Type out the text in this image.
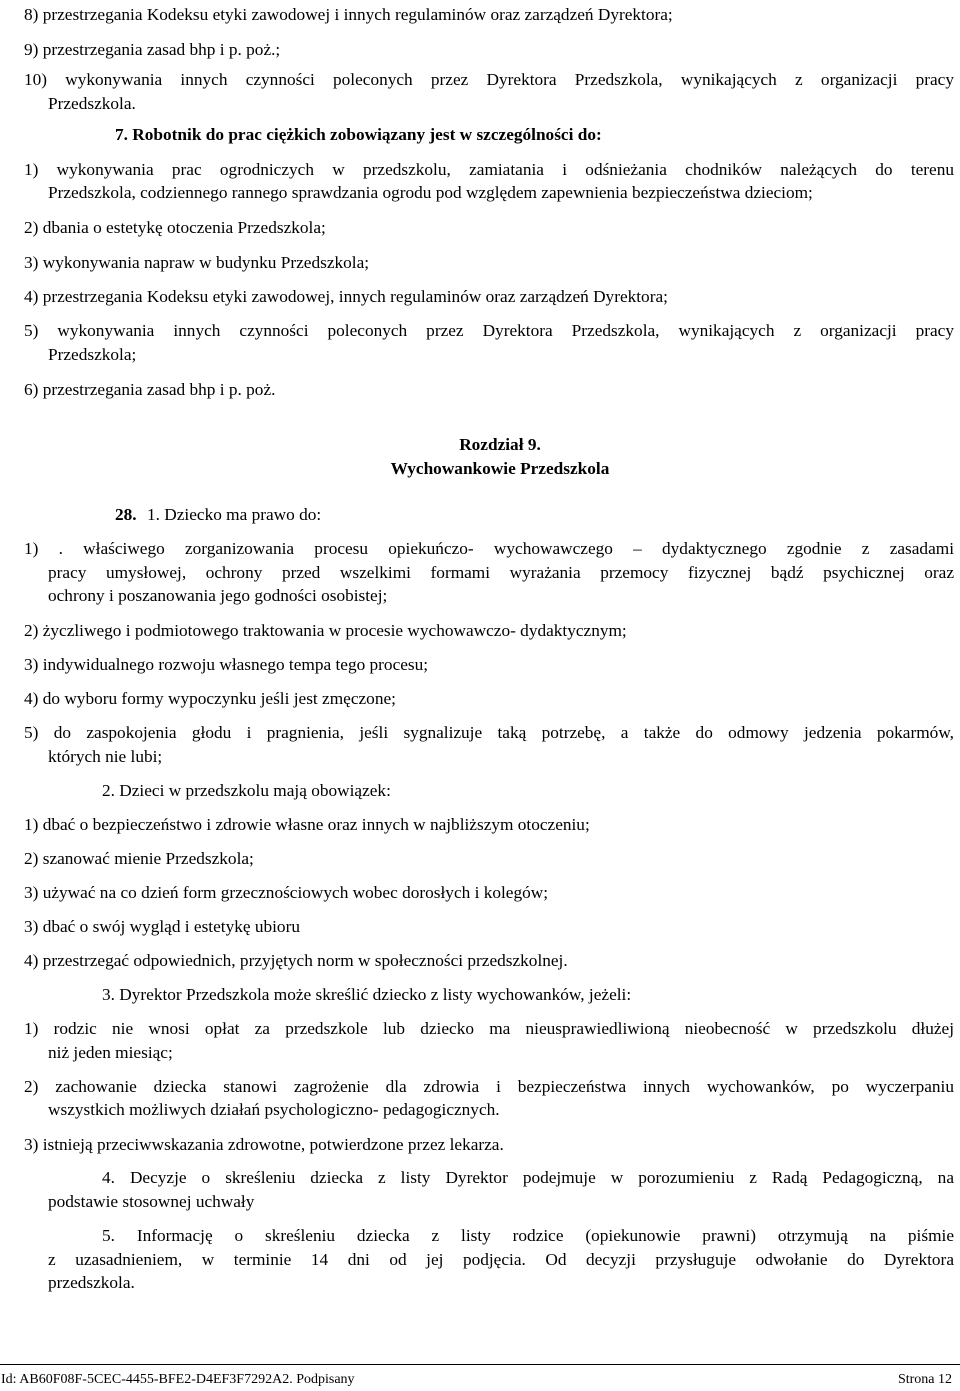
8) przestrzegania Kodeksu etyki zawodowej i innych regulaminów oraz zarządzeń Dyrektora;
9) przestrzegania zasad bhp i p. poż.;
10) wykonywania innych czynności poleconych przez Dyrektora Przedszkola, wynikających z organizacji pracy
Przedszkola.
7. Robotnik do prac ciężkich zobowiązany jest w szczególności do:
1) wykonywania prac ogrodniczych w przedszkolu, zamiatania i odśnieżania chodników należących do terenu
Przedszkola, codziennego rannego sprawdzania ogrodu pod względem zapewnienia bezpieczeństwa dzieciom;
2) dbania o estetykę otoczenia Przedszkola;
3) wykonywania napraw w budynku Przedszkola;
4) przestrzegania Kodeksu etyki zawodowej, innych regulaminów oraz zarządzeń Dyrektora;
5) wykonywania innych czynności poleconych przez Dyrektora Przedszkola, wynikających z organizacji pracy
Przedszkola;
6) przestrzegania zasad bhp i p. poż.
Rozdział 9.
Wychowankowie Przedszkola
28. 1. Dziecko ma prawo do:
1) . właściwego zorganizowania procesu opiekuńczo- wychowawczego – dydaktycznego zgodnie z zasadami
pracy umysłowej, ochrony przed wszelkimi formami wyrażania przemocy fizycznej bądź psychicznej oraz
ochrony i poszanowania jego godności osobistej;
2) życzliwego i podmiotowego traktowania w procesie wychowawczo- dydaktycznym;
3) indywidualnego rozwoju własnego tempa tego procesu;
4) do wyboru formy wypoczynku jeśli jest zmęczone;
5) do zaspokojenia głodu i pragnienia, jeśli sygnalizuje taką potrzebę, a także do odmowy jedzenia pokarmów,
których nie lubi;
2. Dzieci w przedszkolu mają obowiązek:
1) dbać o bezpieczeństwo i zdrowie własne oraz innych w najbliższym otoczeniu;
2) szanować mienie Przedszkola;
3) używać na co dzień form grzecznościowych wobec dorosłych i kolegów;
3) dbać o swój wygląd i estetykę ubioru
4) przestrzegać odpowiednich, przyjętych norm w społeczności przedszkolnej.
3. Dyrektor Przedszkola może skreślić dziecko z listy wychowanków, jeżeli:
1) rodzic nie wnosi opłat za przedszkole lub dziecko ma nieusprawiedliwioną nieobecność w przedszkolu dłużej
niż jeden miesiąc;
2) zachowanie dziecka stanowi zagrożenie dla zdrowia i bezpieczeństwa innych wychowanków, po wyczerpaniu
wszystkich możliwych działań psychologiczno- pedagogicznych.
3) istnieją przeciwwskazania zdrowotne, potwierdzone przez lekarza.
4. Decyzje o skreśleniu dziecka z listy Dyrektor podejmuje w porozumieniu z Radą Pedagogiczną, na
podstawie stosownej uchwały
5. Informację o skreśleniu dziecka z listy rodzice (opiekunowie prawni) otrzymują na piśmie
z uzasadnieniem, w terminie 14 dni od jej podjęcia. Od decyzji przysługuje odwołanie do Dyrektora
przedszkola.
Id: AB60F08F-5CEC-4455-BFE2-D4EF3F7292A2. Podpisany	Strona 12
